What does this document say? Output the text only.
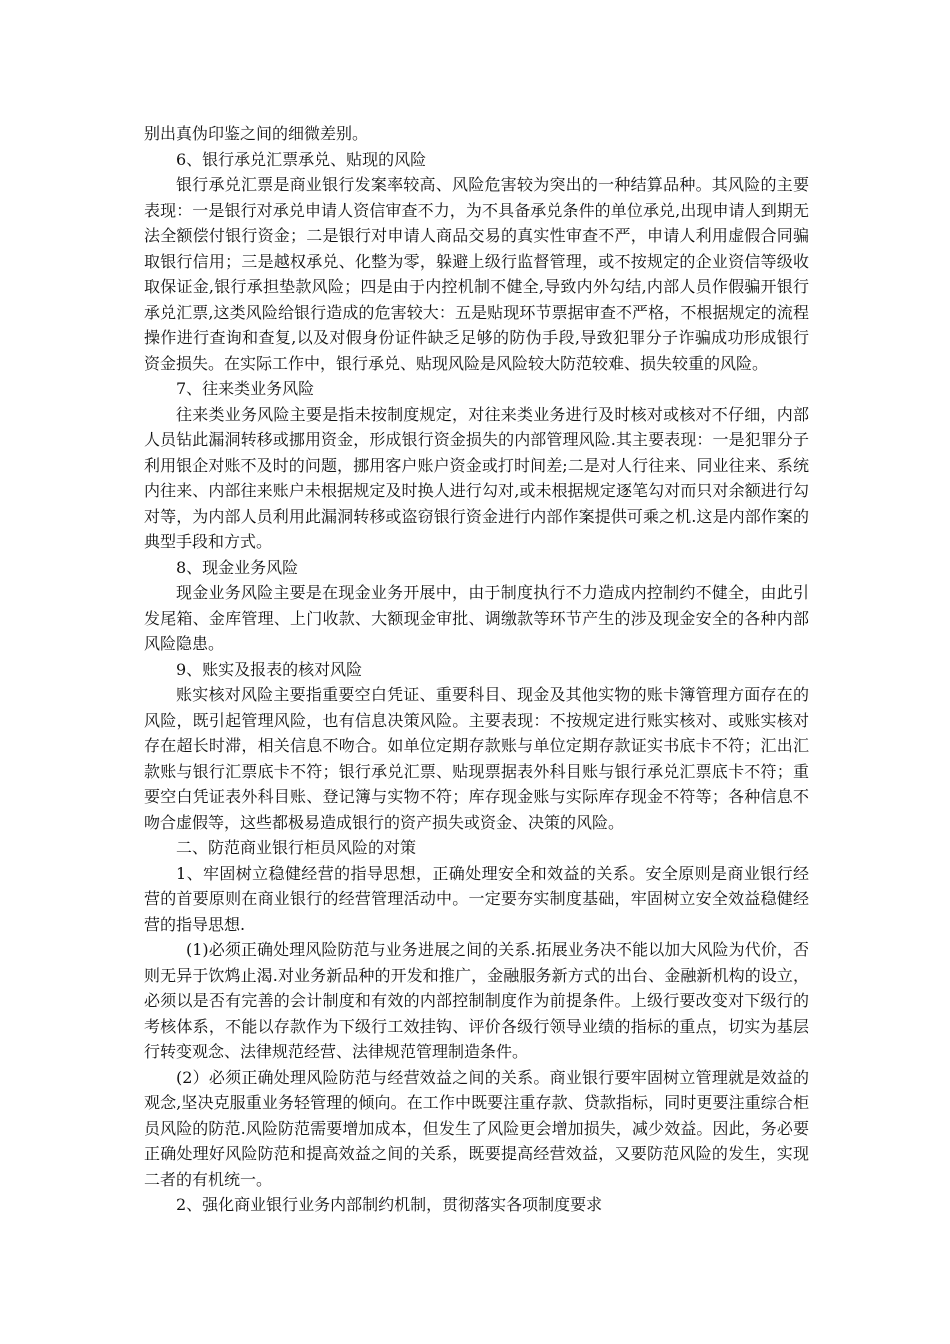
别出真伪印鉴之间的细微差别。

6、银行承兑汇票承兑、贴现的风险

银行承兑汇票是商业银行发案率较高、风险危害较为突出的一种结算品种。其风险的主要表现：一是银行对承兑申请人资信审查不力，为不具备承兑条件的单位承兑,出现申请人到期无法全额偿付银行资金；二是银行对申请人商品交易的真实性审查不严，申请人利用虚假合同骗取银行信用；三是越权承兑、化整为零，躲避上级行监督管理，或不按规定的企业资信等级收取保证金,银行承担垫款风险；四是由于内控机制不健全,导致内外勾结,内部人员作假骗开银行承兑汇票,这类风险给银行造成的危害较大：五是贴现环节票据审查不严格，不根据规定的流程操作进行查询和查复,以及对假身份证件缺乏足够的防伪手段,导致犯罪分子诈骗成功形成银行资金损失。在实际工作中，银行承兑、贴现风险是风险较大防范较难、损失较重的风险。

7、往来类业务风险

往来类业务风险主要是指未按制度规定，对往来类业务进行及时核对或核对不仔细，内部人员钻此漏洞转移或挪用资金，形成银行资金损失的内部管理风险.其主要表现：一是犯罪分子利用银企对账不及时的问题，挪用客户账户资金或打时间差;二是对人行往来、同业往来、系统内往来、内部往来账户未根据规定及时换人进行勾对,或未根据规定逐笔勾对而只对余额进行勾对等，为内部人员利用此漏洞转移或盗窃银行资金进行内部作案提供可乘之机.这是内部作案的典型手段和方式。

8、现金业务风险

现金业务风险主要是在现金业务开展中，由于制度执行不力造成内控制约不健全，由此引发尾箱、金库管理、上门收款、大额现金审批、调缴款等环节产生的涉及现金安全的各种内部风险隐患。

9、账实及报表的核对风险

账实核对风险主要指重要空白凭证、重要科目、现金及其他实物的账卡簿管理方面存在的风险，既引起管理风险，也有信息决策风险。主要表现：不按规定进行账实核对、或账实核对存在超长时滞，相关信息不吻合。如单位定期存款账与单位定期存款证实书底卡不符；汇出汇款账与银行汇票底卡不符；银行承兑汇票、贴现票据表外科目账与银行承兑汇票底卡不符；重要空白凭证表外科目账、登记簿与实物不符；库存现金账与实际库存现金不符等；各种信息不吻合虚假等，这些都极易造成银行的资产损失或资金、决策的风险。

二、防范商业银行柜员风险的对策

1、牢固树立稳健经营的指导思想，正确处理安全和效益的关系。安全原则是商业银行经营的首要原则在商业银行的经营管理活动中。一定要夯实制度基础，牢固树立安全效益稳健经营的指导思想.

(1)必须正确处理风险防范与业务进展之间的关系.拓展业务决不能以加大风险为代价，否则无异于饮鸩止渴.对业务新品种的开发和推广，金融服务新方式的出台、金融新机构的设立，必须以是否有完善的会计制度和有效的内部控制制度作为前提条件。上级行要改变对下级行的考核体系，不能以存款作为下级行工效挂钩、评价各级行领导业绩的指标的重点，切实为基层行转变观念、法律规范经营、法律规范管理制造条件。

(2）必须正确处理风险防范与经营效益之间的关系。商业银行要牢固树立管理就是效益的观念,坚决克服重业务轻管理的倾向。在工作中既要注重存款、贷款指标，同时更要注重综合柜员风险的防范.风险防范需要增加成本，但发生了风险更会增加损失，减少效益。因此，务必要正确处理好风险防范和提高效益之间的关系，既要提高经营效益，又要防范风险的发生，实现二者的有机统一。

2、强化商业银行业务内部制约机制，贯彻落实各项制度要求
